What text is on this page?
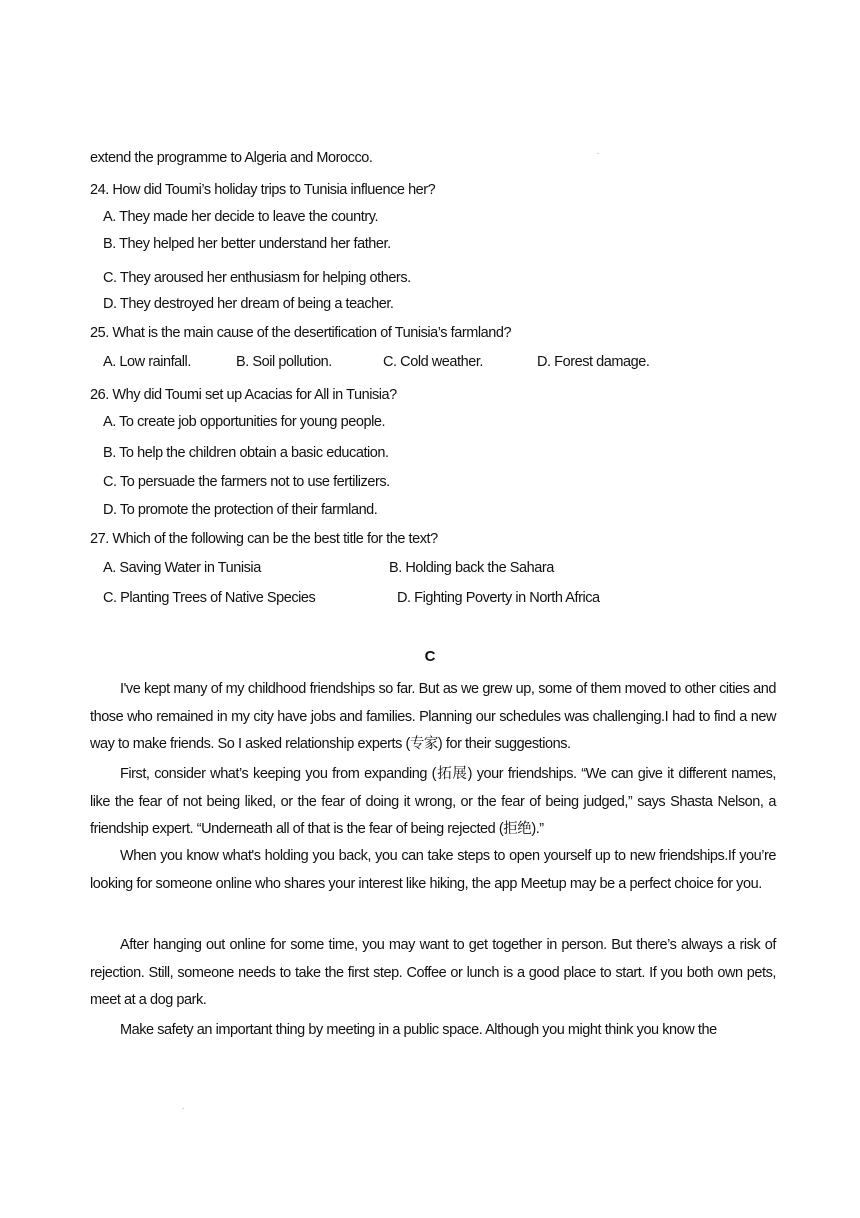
extend the programme to Algeria and Morocco.
24. How did Toumi’s holiday trips to Tunisia influence her?
A. They made her decide to leave the country.
B. They helped her better understand her father.
C. They aroused her enthusiasm for helping others.
D. They destroyed her dream of being a teacher.
25. What is the main cause of the desertification of Tunisia’s farmland?
A. Low rainfall.	B. Soil pollution.	C. Cold weather.	D. Forest damage.
26. Why did Toumi set up Acacias for All in Tunisia?
A. To create job opportunities for young people.
B. To help the children obtain a basic education.
C. To persuade the farmers not to use fertilizers.
D. To promote the protection of their farmland.
27. Which of the following can be the best title for the text?
A. Saving Water in Tunisia	B. Holding back the Sahara
C. Planting Trees of Native Species	D. Fighting Poverty in North Africa
C
I've kept many of my childhood friendships so far. But as we grew up, some of them moved to other cities and those who remained in my city have jobs and families. Planning our schedules was challenging.I had to find a new way to make friends. So I asked relationship experts (专家) for their suggestions.
First, consider what’s keeping you from expanding (拓展) your friendships. “We can give it different names, like the fear of not being liked, or the fear of doing it wrong, or the fear of being judged,” says Shasta Nelson, a friendship expert. “Underneath all of that is the fear of being rejected (拒绝).”
When you know what's holding you back, you can take steps to open yourself up to new friendships.If you’re looking for someone online who shares your interest like hiking, the app Meetup may be a perfect choice for you.
After hanging out online for some time, you may want to get together in person. But there’s always a risk of rejection. Still, someone needs to take the first step. Coffee or lunch is a good place to start. If you both own pets, meet at a dog park.
Make safety an important thing by meeting in a public space. Although you might think you know the
